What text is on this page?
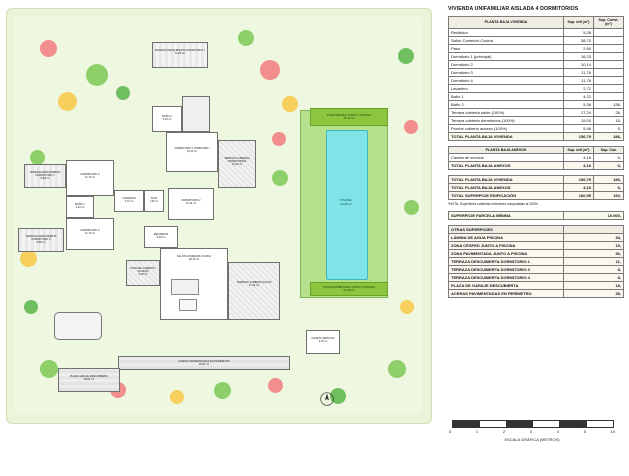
PISCINA
34,26 m²
ZONA CÉSPED JUNTO A PISCINA
15,10 m²
ZONA PAVIMENTADA JUNTO A PISCINA
50,18 m²
ACERAS PAVIMENTADAS EN PERÍMETRO
35,84 m²
TERRAZA DESCUBIERTA DORMITORIO 1
11,80 m²
BAÑO 2
5,36 m²
DORMITORIO 1 (PRINCIPAL)
16,23 m²
TERRAZA CUBIERTA DORMITORIOS
15,00 m²
TERRAZA DESCUBIERTA DORMITORIO 3
8,68 m²
DORMITORIO 3
11,76 m²
LAVADERO
2,72 m²
PASO
2,90 m²	DORMITORIO 2
10,14 m²
BAÑO 1
4,22 m²
DORMITORIO 4
11,76 m²
TERRAZA DESCUBIERTA DORMITORIO 4
8,68 m²
RECIBIDOR
5,28 m²
SALÓN-COMEDOR-COCINA
38,70 m²
TERRAZA CUBIERTA SALÓN
27,24 m²
PORCHE CUBIERTO ACCESO
5,48 m²
PLAZA GARAJE DESCUBIERTA
18,05 m²
CASETA SERVICIO
4,16 m²
VIVIENDA UNIFAMILIAR AISLADA 4 DORMITORIOS
PLANTA BAJA VIVIENDA	Sup. útil (m²)	Sup. Const. (m²)
Recibidor	5,28	
Salón-Comedor-Cocina	38,70	
Paso	2,90	
Dormitorio 1 (principal)	16,23	
Dormitorio 2	10,14	
Dormitorio 3	11,76	
Dormitorio 4	11,76	
Lavadero	2,72	
Baño 1	4,22	
Baño 2	5,36	136,
Terraza cubierta salón (100%)	27,24	28,
Terraza cubierta dormitorios (100%)	15,00	15,
Porche cubierto acceso (100%)	5,48	5,
TOTAL PLANTA BAJA VIVIENDA	156,79	186,
PLANTA BAJA ANEXOS	Sup. útil (m²)	Sup. Con
Caseta de servicio	4,16	6,
TOTAL PLANTA BAJA ANEXOS	4,16	6,
TOTAL PLANTA BAJA VIVIENDA	156,79	186,
TOTAL PLANTA BAJA ANEXOS	4,16	6,
TOTAL SUPERFICIE EDIFICACIÓN	160,95	192,
*NOTA: Superficies cubiertas exteriores computadas al 100%.
SUPERFICIE PARCELA MÍNIMA	10.000,
OTRAS SUPERFICIES	
LÁMINA DE AGUA PISCINA	34,
ZONA CÉSPED JUNTO A PISCINA	15,
ZONA PAVIMENTADA JUNTO A PISCINA	50,
TERRAZA DESCUBIERTA DORMITORIO 1	11,
TERRAZA DESCUBIERTA DORMITORIO 3	8,
TERRAZA DESCUBIERTA DORMITORIO 4	8,
PLAZA DE GARAJE DESCUBIERTA	18,
ACERAS PAVIMENTADAS EN PERÍMETRO	35,
0	1	2	3	4	5	10
ESCALA GRÁFICA (METROS)
